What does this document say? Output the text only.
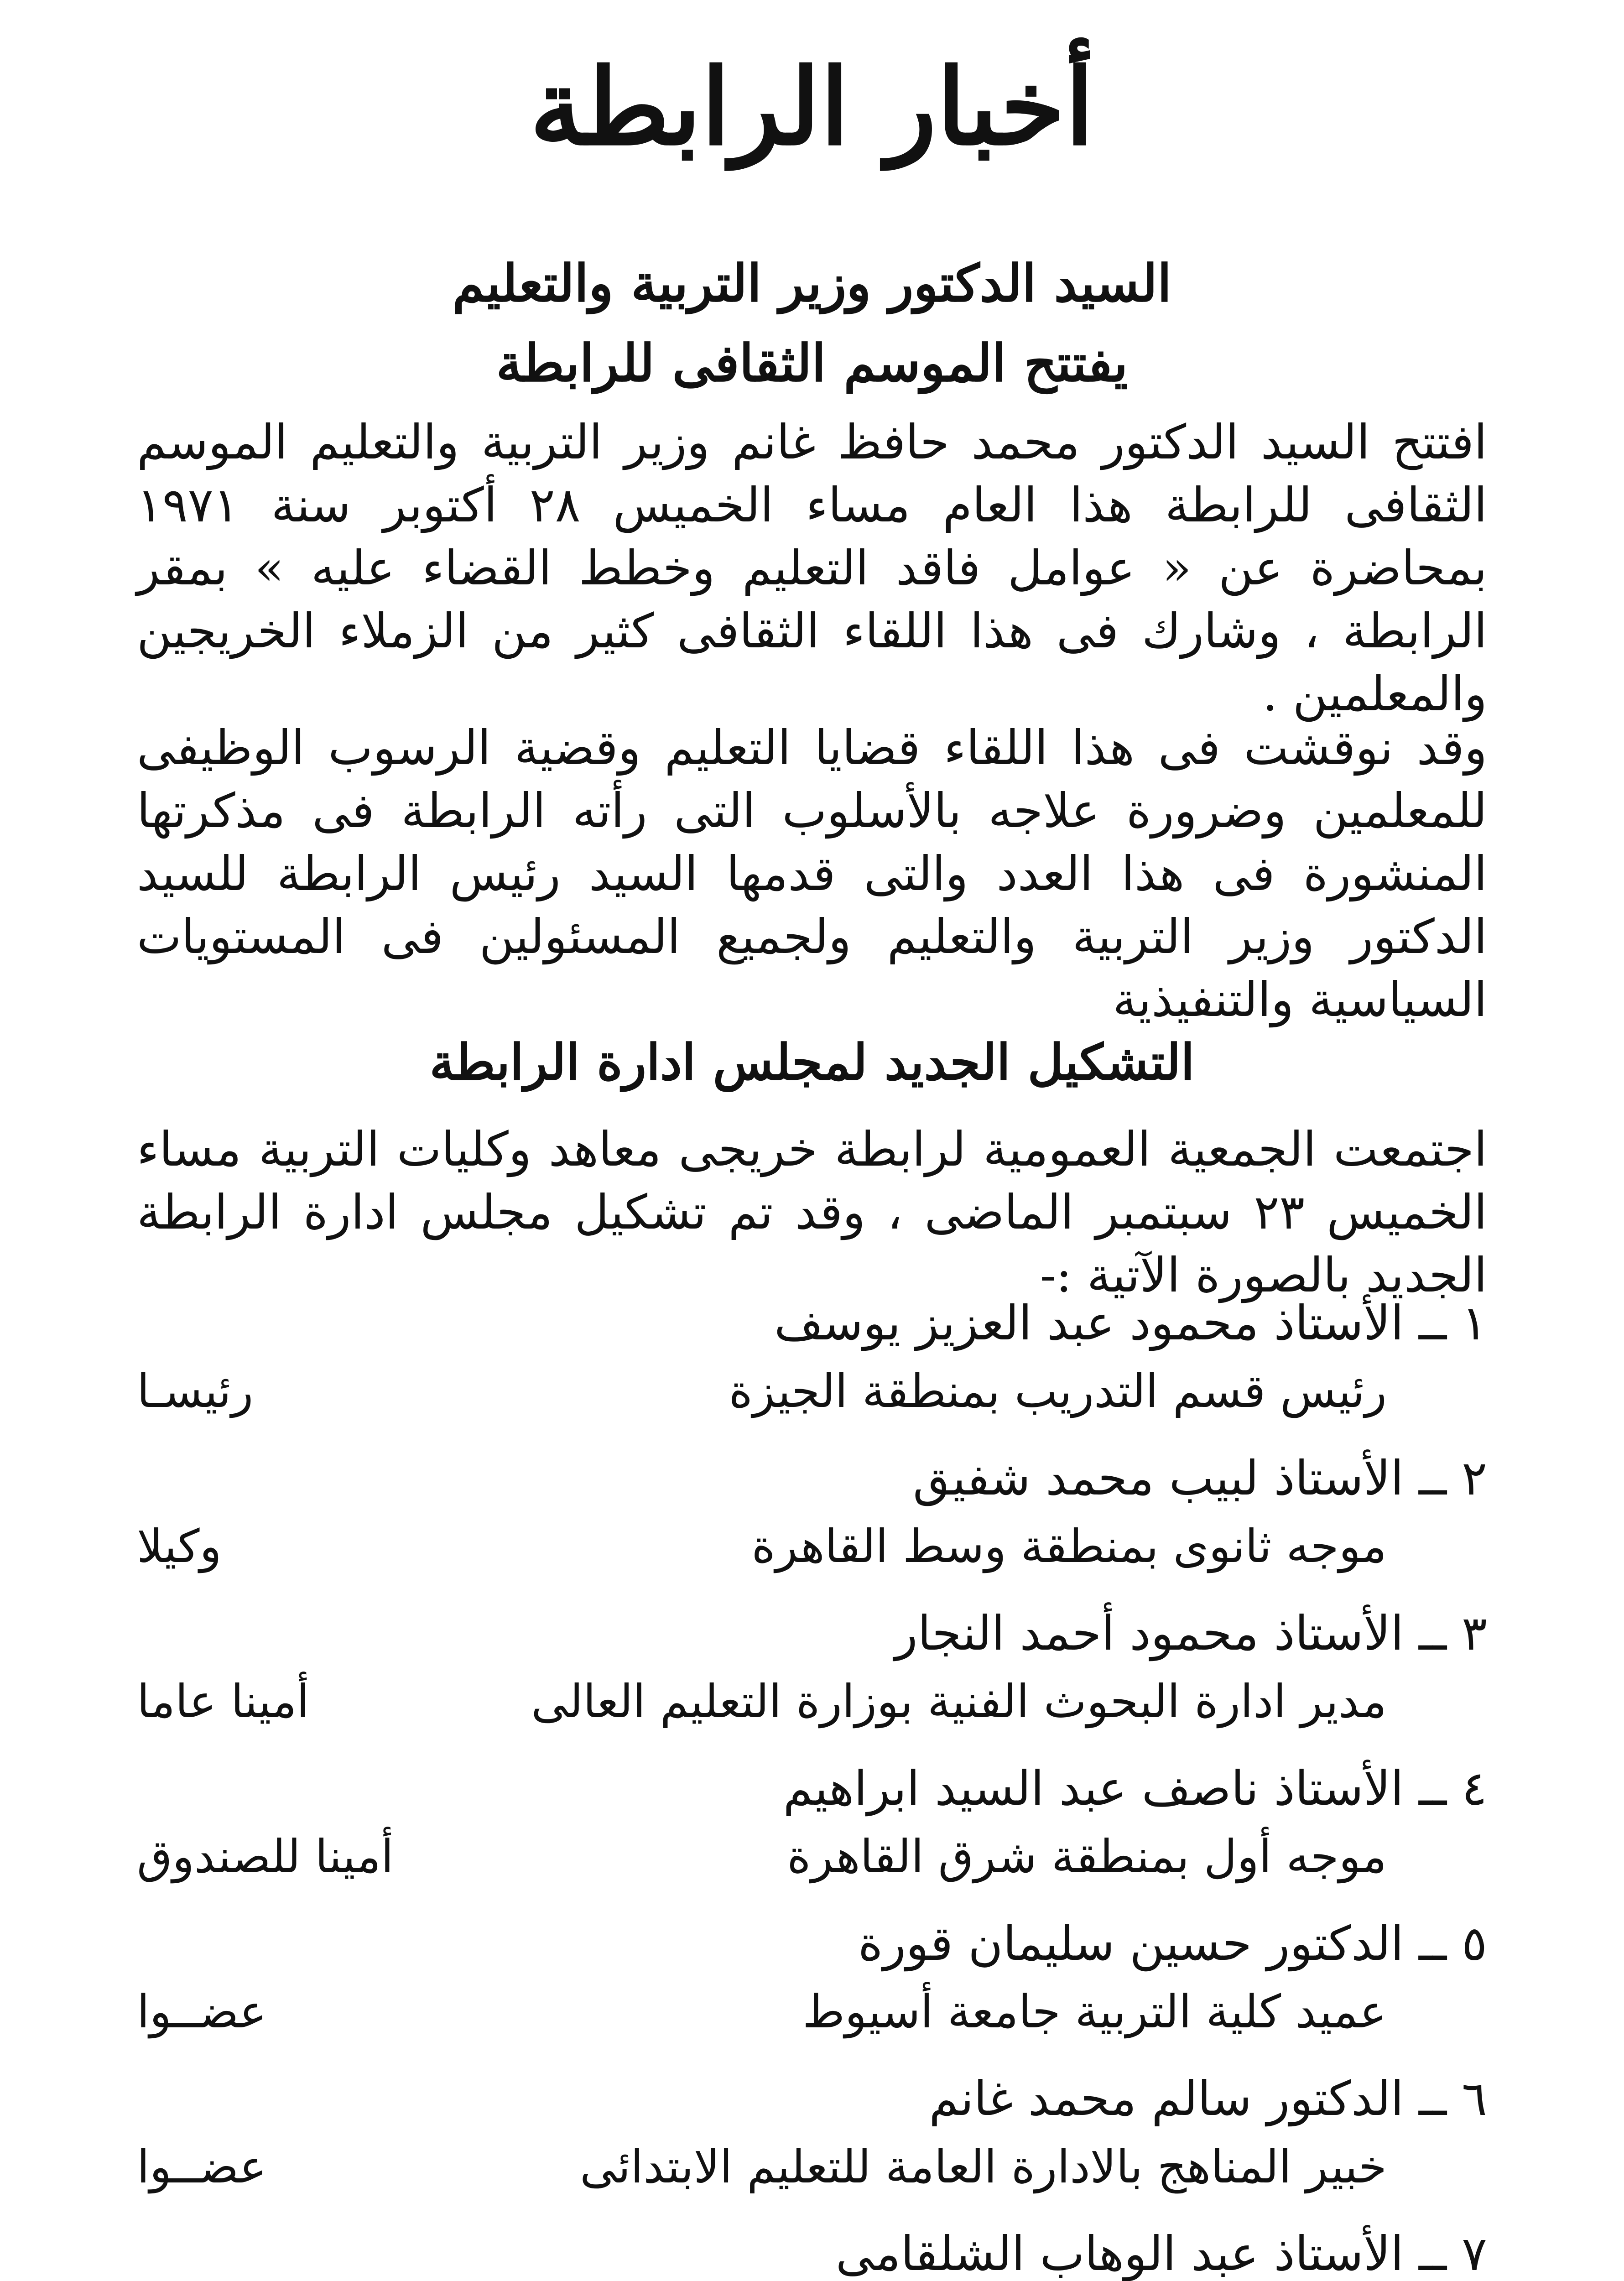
أخبار الرابطة
السيد الدكتور وزير التربية والتعليم
يفتتح الموسم الثقافى للرابطة
افتتح السيد الدكتور محمد حافظ غانم وزير التربية والتعليم الموسم الثقافى للرابطة هذا العام مساء الخميس ٢٨ أكتوبر سنة ١٩٧١ بمحاضرة عن « عوامل فاقد التعليم وخطط القضاء عليه » بمقر الرابطة ، وشارك فى هذا اللقاء الثقافى كثير من الزملاء الخريجين والمعلمين .
وقد نوقشت فى هذا اللقاء قضايا التعليم وقضية الرسوب الوظيفى للمعلمين وضرورة علاجه بالأسلوب التى رأته الرابطة فى مذكرتها المنشورة فى هذا العدد والتى قدمها السيد رئيس الرابطة للسيد الدكتور وزير التربية والتعليم ولجميع المسئولين فى المستويات السياسية والتنفيذية
التشكيل الجديد لمجلس ادارة الرابطة
اجتمعت الجمعية العمومية لرابطة خريجى معاهد وكليات التربية مساء الخميس ٢٣ سبتمبر الماضى ، وقد تم تشكيل مجلس ادارة الرابطة الجديد بالصورة الآتية :-
١ ــ الأستاذ محمود عبد العزيز يوسف
رئيس قسم التدريب بمنطقة الجيزة
رئيسـا
٢ ــ الأستاذ لبيب محمد شفيق
موجه ثانوى بمنطقة وسط القاهرة
وكيلا
٣ ــ الأستاذ محمود أحمد النجار
مدير ادارة البحوث الفنية بوزارة التعليم العالى
أمينا عاما
٤ ــ الأستاذ ناصف عبد السيد ابراهيم
موجه أول بمنطقة شرق القاهرة
أمينا للصندوق
٥ ــ الدكتور حسين سليمان قورة
عميد كلية التربية جامعة أسيوط
عضــوا
٦ ــ الدكتور سالم محمد غانم
خبير المناهج بالادارة العامة للتعليم الابتدائى
عضــوا
٧ ــ الأستاذ عبد الوهاب الشلقامى
